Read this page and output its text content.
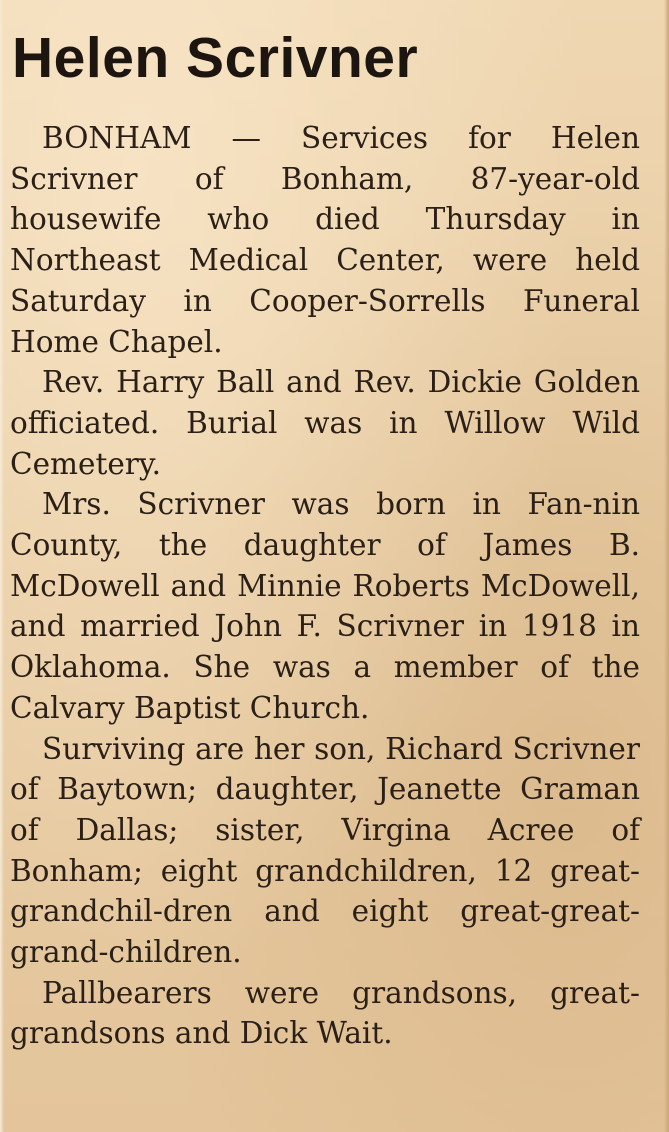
Helen Scrivner

BONHAM — Services for Helen Scrivner of Bonham, 87-year-old housewife who died Thursday in Northeast Medical Center, were held Saturday in Cooper-Sorrells Funeral Home Chapel.

Rev. Harry Ball and Rev. Dickie Golden officiated. Burial was in Willow Wild Cemetery.

Mrs. Scrivner was born in Fan-nin County, the daughter of James B. McDowell and Minnie Roberts McDowell, and married John F. Scrivner in 1918 in Oklahoma. She was a member of the Calvary Baptist Church.

Surviving are her son, Richard Scrivner of Baytown; daughter, Jeanette Graman of Dallas; sister, Virgina Acree of Bonham; eight grandchildren, 12 great-grandchil-dren and eight great-great-grand-children.

Pallbearers were grandsons, great-grandsons and Dick Wait.
